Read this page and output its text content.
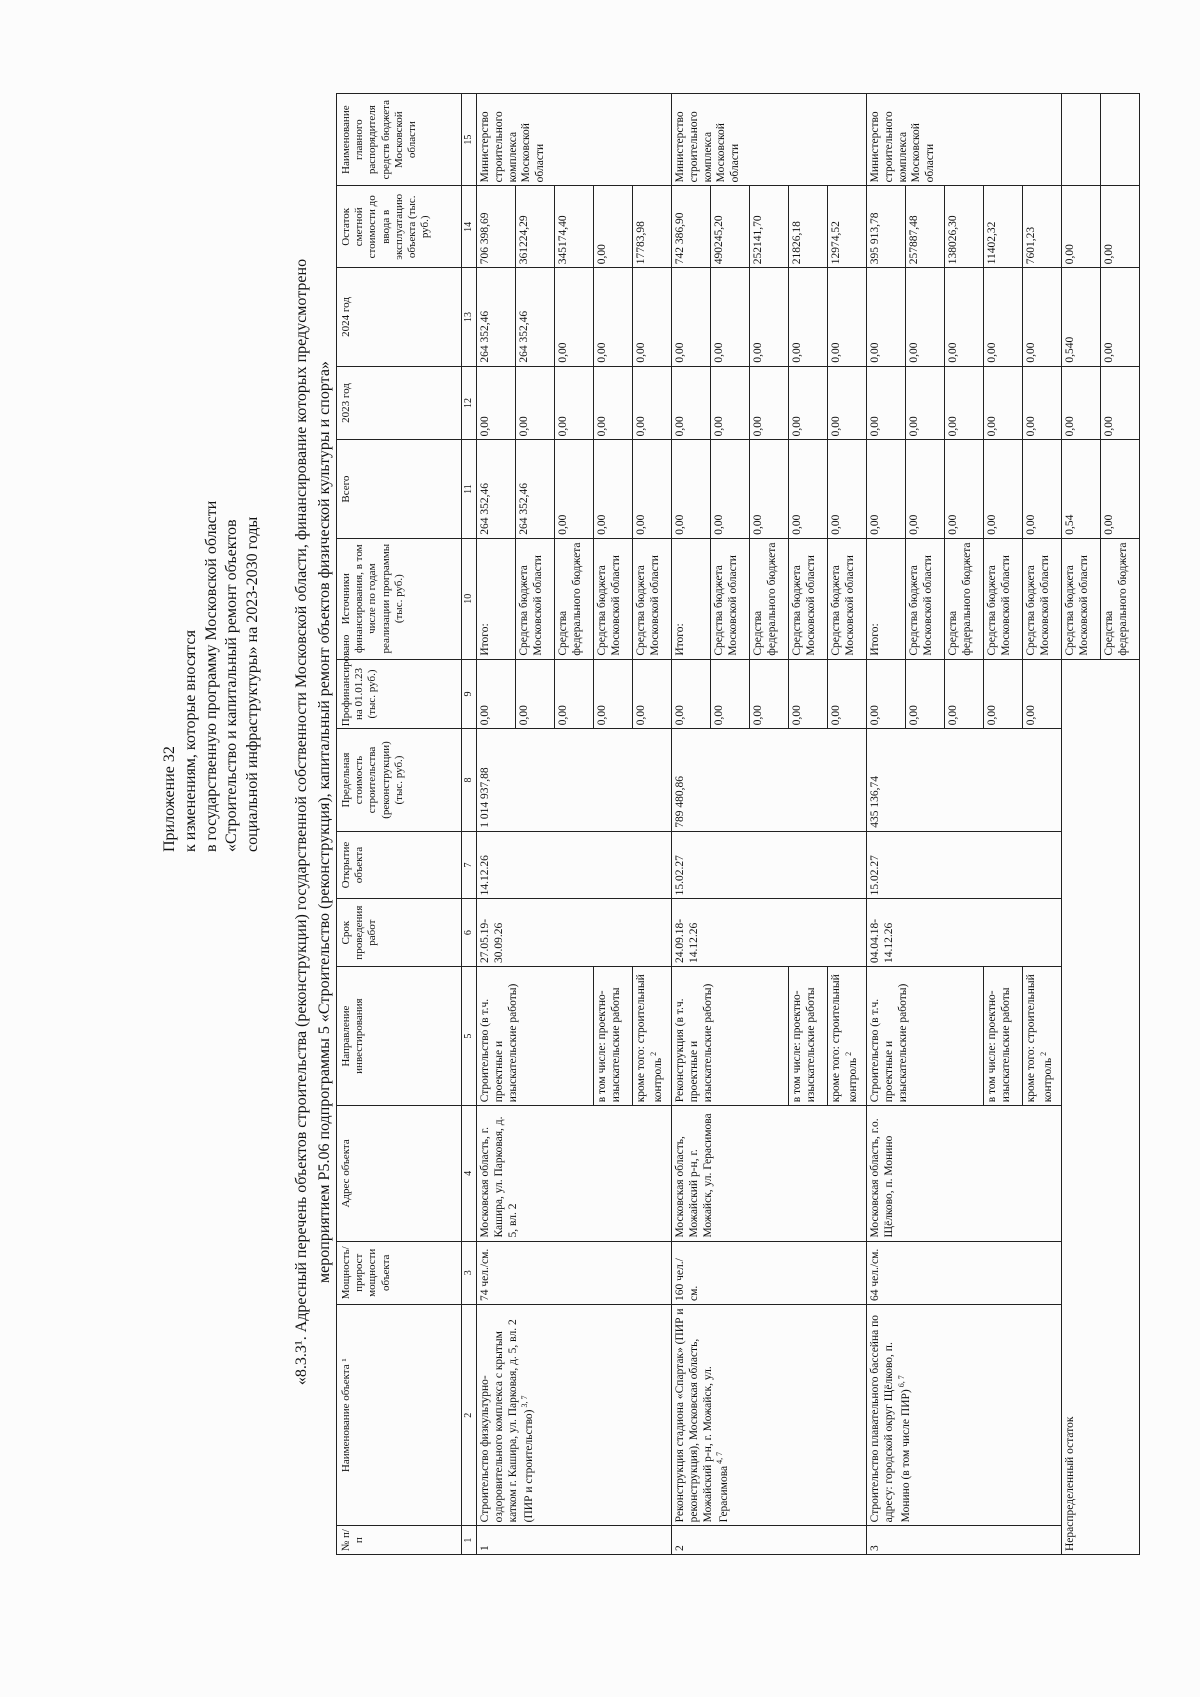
Приложение 32 к изменениям, которые вносятся в государственную программу Московской области «Строительство и капитальный ремонт объектов социальной инфраструктуры» на 2023-2030 годы «8.3.3¹. Адресный перечень объектов строительства (реконструкции) государственной собственности Московской области, финансирование которых предусмотрено мероприятием Р5.06 подпрограммы 5 «Строительство (реконструкция), капитальный ремонт объектов физической культуры и спорта»
№ п/п	Наименование объекта ¹	Мощность/ прирост мощности объекта	Адрес объекта	Направление инвестирования	Срок проведения работ	Открытие объекта	Предельная стоимость строительства (реконструкции) (тыс. руб.)	Профинансировано на 01.01.23 (тыс. руб.)	Источники финансирования, в том числе по годам реализации программы (тыс. руб.)	Всего	2023 год	2024 год	Остаток сметной стоимости до ввода в эксплуатацию объекта (тыс. руб.)	Наименование главного распорядителя средств бюджета Московской области
1	2	3	4	5	6	7	8	9	10	11	12	13	14	15
1	Строительство физкультурно-оздоровительного комплекса с крытым катком г. Кашира, ул. Парковая, д. 5, вл. 2 (ПИР и строительство) $^{3, 7}$	74 чел./см.	Московская область, г. Кашира, ул. Парковая, д. 5, вл. 2	Строительство (в т.ч. проектные и изыскательские работы)	27.05.19-30.09.26	14.12.26	1 014 937,88	0,00	Итого:	264 352,46	0,00	264 352,46	706 398,69	Министерство строительного комплекса Московской области
								0,00	Средства бюджета Московской области	264 352,46	0,00	264 352,46	361224,29	
								0,00	Средства федерального бюджета	0,00	0,00	0,00	345174,40	
				в том числе: проектно-изыскательские работы				0,00	Средства бюджета Московской области	0,00	0,00	0,00	0,00	
				кроме того: строительный контроль $^2$				0,00	Средства бюджета Московской области	0,00	0,00	0,00	17783,98	
2	Реконструкция стадиона «Спартак» (ПИР и реконструкция), Московская область, Можайский р-н, г. Можайск, ул. Герасимова $^{4, 7}$	160 чел./см.	Московская область, Можайский р-н, г. Можайск, ул. Герасимова	Реконструкция (в т.ч. проектные и изыскательские работы)	24.09.18-14.12.26	15.02.27	789 480,86	0,00	Итого:	0,00	0,00	0,00	742 386,90	Министерство строительного комплекса Московской области
								0,00	Средства бюджета Московской области	0,00	0,00	0,00	490245,20	
								0,00	Средства федерального бюджета	0,00	0,00	0,00	252141,70	
				в том числе: проектно-изыскательские работы				0,00	Средства бюджета Московской области	0,00	0,00	0,00	21826,18	
				кроме того: строительный контроль $^2$				0,00	Средства бюджета Московской области	0,00	0,00	0,00	12974,52	
3	Строительство плавательного бассейна по адресу: городской округ Щёлково, п. Монино (в том числе ПИР) $^{6, 7}$	64 чел./см.	Московская область, г.о. Щёлково, п. Монино	Строительство (в т.ч. проектные и изыскательские работы)	04.04.18-14.12.26	15.02.27	435 136,74	0,00	Итого:	0,00	0,00	0,00	395 913,78	Министерство строительного комплекса Московской области
								0,00	Средства бюджета Московской области	0,00	0,00	0,00	257887,48	
								0,00	Средства федерального бюджета	0,00	0,00	0,00	138026,30	
				в том числе: проектно-изыскательские работы				0,00	Средства бюджета Московской области	0,00	0,00	0,00	11402,32	
				кроме того: строительный контроль $^2$				0,00	Средства бюджета Московской области	0,00	0,00	0,00	7601,23	
Нераспределенный остаток									Средства бюджета Московской области	0,54	0,00	0,540	0,00	
									Средства федерального бюджета	0,00	0,00	0,00	0,00	
